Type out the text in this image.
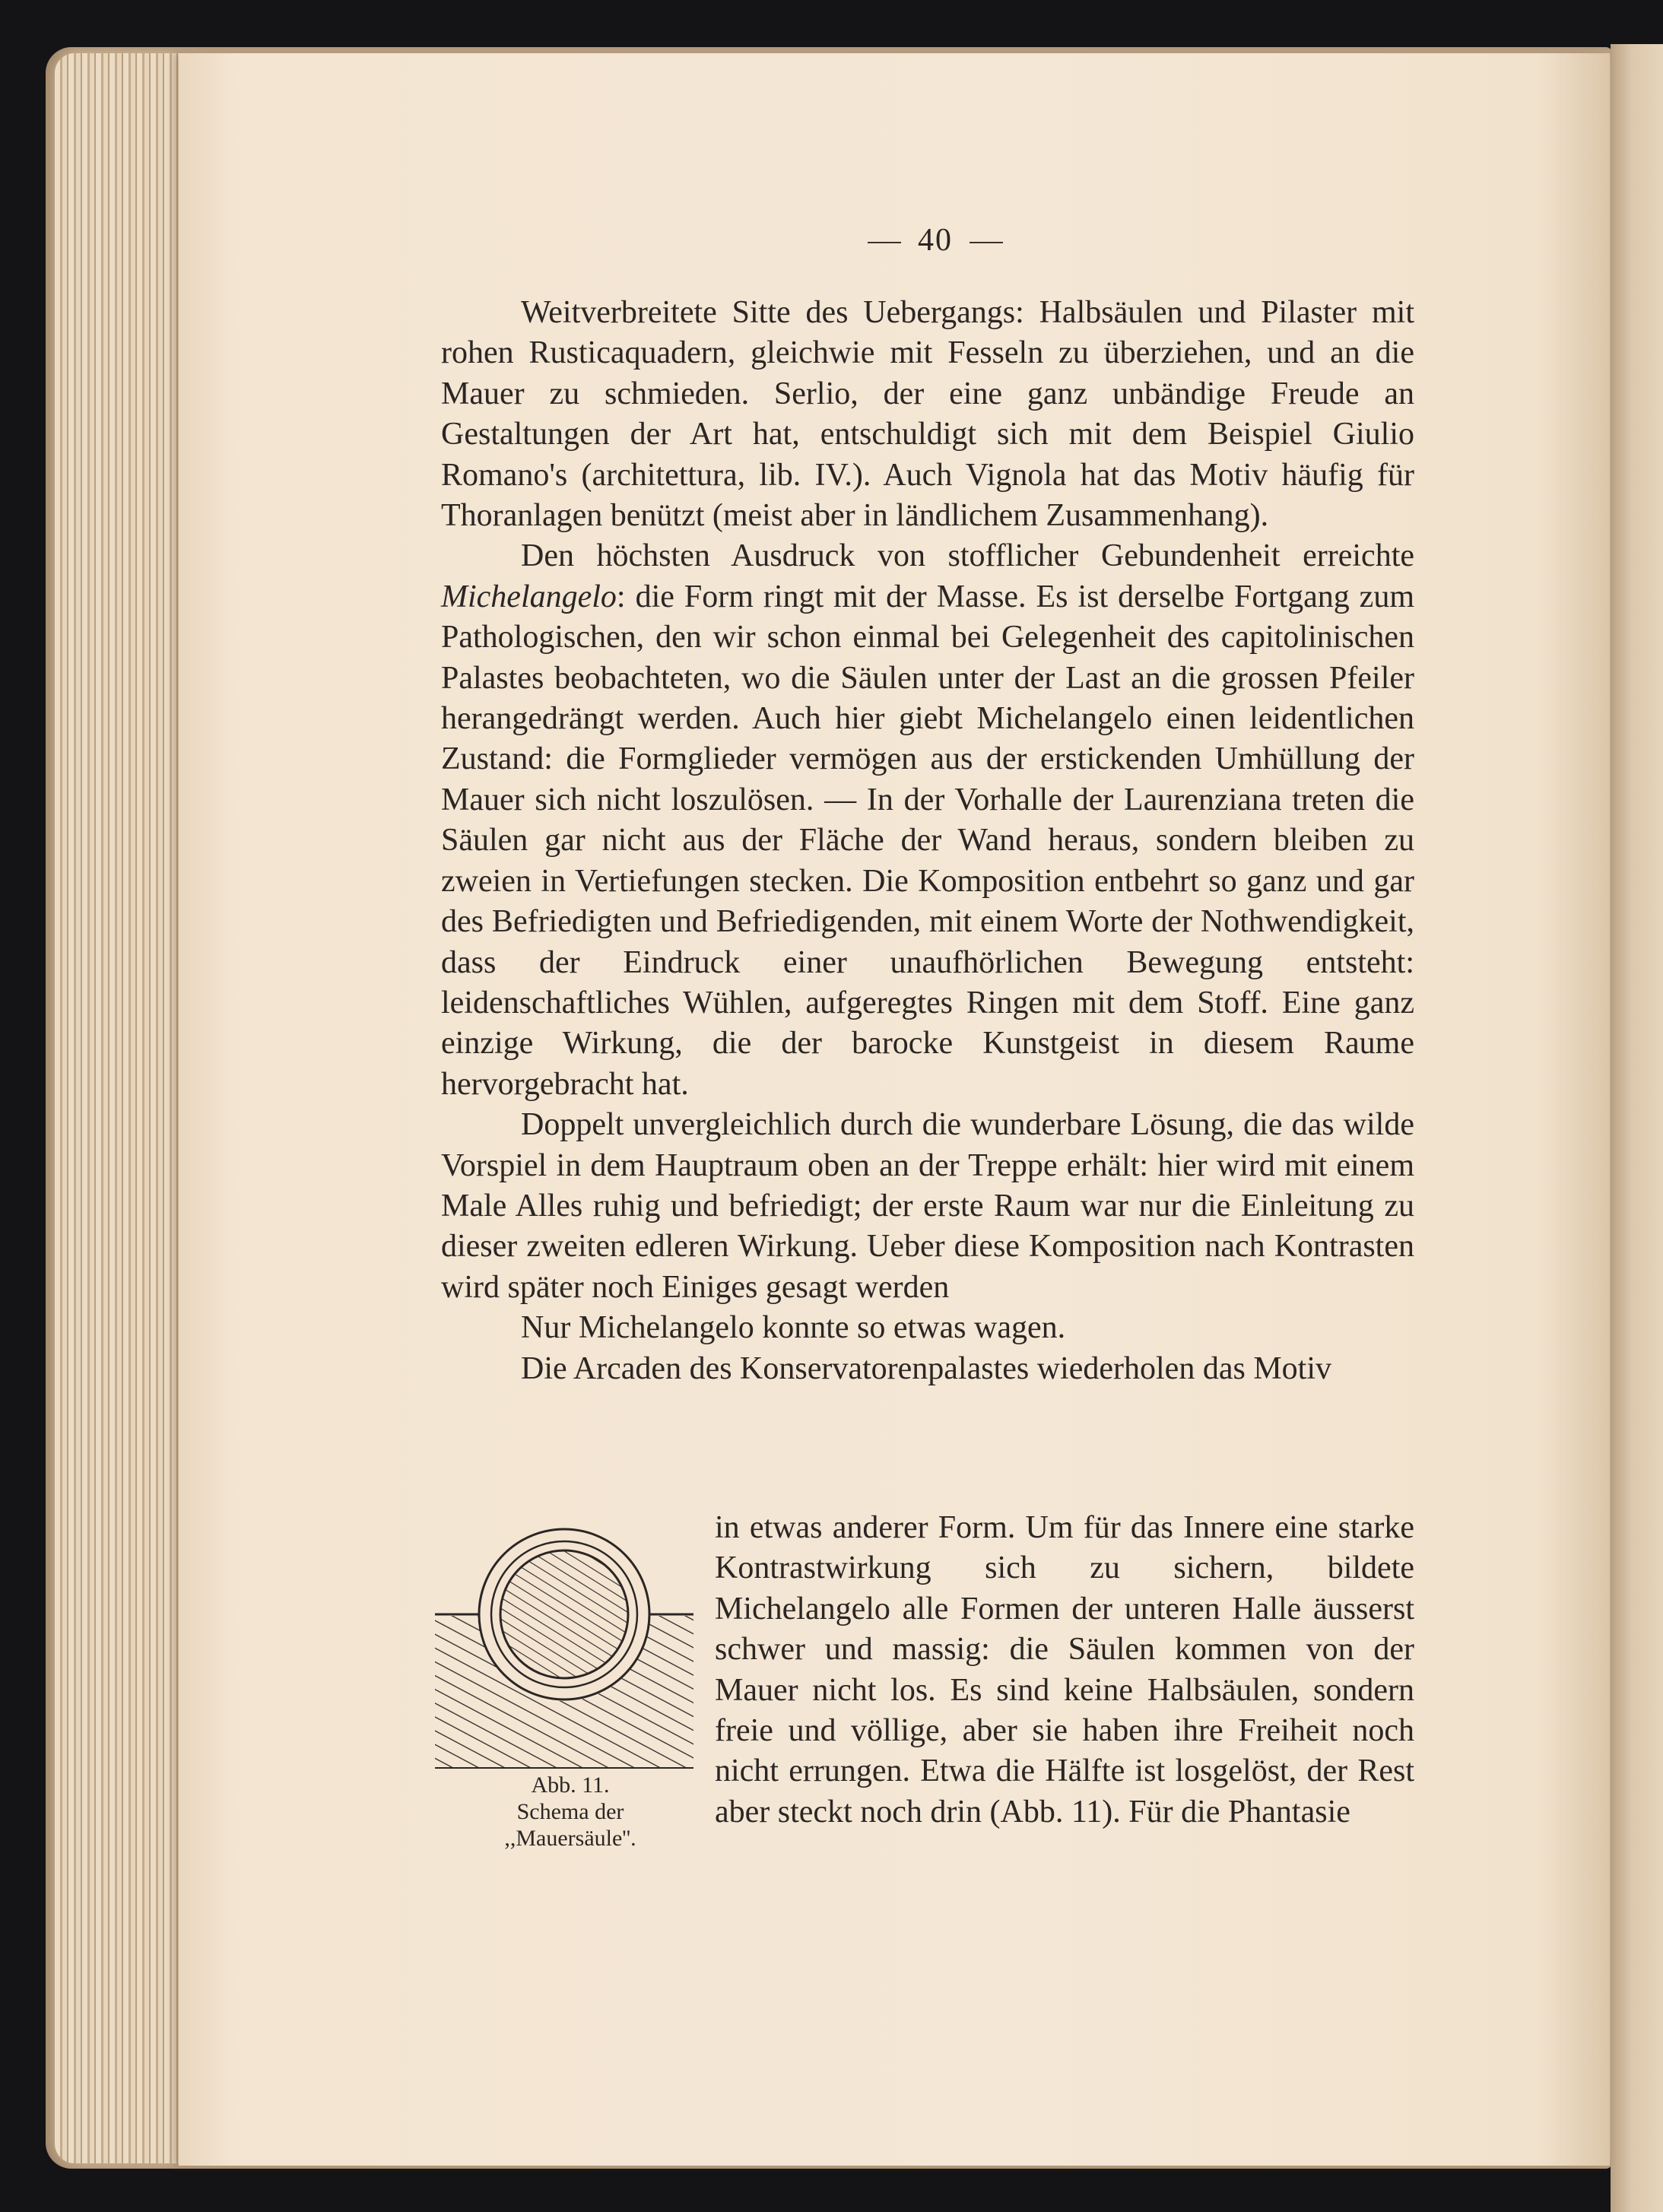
40

Weitverbreitete Sitte des Uebergangs: Halbsäulen und Pilaster mit rohen Rusticaquadern, gleichwie mit Fesseln zu überziehen, und an die Mauer zu schmieden. Serlio, der eine ganz unbändige Freude an Gestaltungen der Art hat, entschuldigt sich mit dem Beispiel Giulio Romano's (architettura, lib. IV.). Auch Vignola hat das Motiv häufig für Thoranlagen benützt (meist aber in ländlichem Zusammenhang).

Den höchsten Ausdruck von stofflicher Gebundenheit erreichte Michelangelo: die Form ringt mit der Masse. Es ist derselbe Fortgang zum Pathologischen, den wir schon einmal bei Gelegenheit des capitolinischen Palastes beobachteten, wo die Säulen unter der Last an die grossen Pfeiler herangedrängt werden. Auch hier giebt Michelangelo einen leidentlichen Zustand: die Formglieder vermögen aus der erstickenden Umhüllung der Mauer sich nicht loszulösen. — In der Vorhalle der Laurenziana treten die Säulen gar nicht aus der Fläche der Wand heraus, sondern bleiben zu zweien in Vertiefungen stecken. Die Komposition entbehrt so ganz und gar des Befriedigten und Befriedigenden, mit einem Worte der Nothwendigkeit, dass der Eindruck einer unaufhörlichen Bewegung entsteht: leidenschaftliches Wühlen, aufgeregtes Ringen mit dem Stoff. Eine ganz einzige Wirkung, die der barocke Kunstgeist in diesem Raume hervorgebracht hat.

Doppelt unvergleichlich durch die wunderbare Lösung, die das wilde Vorspiel in dem Hauptraum oben an der Treppe erhält: hier wird mit einem Male Alles ruhig und befriedigt; der erste Raum war nur die Einleitung zu dieser zweiten edleren Wirkung. Ueber diese Komposition nach Kontrasten wird später noch Einiges gesagt werden

Nur Michelangelo konnte so etwas wagen.

Die Arcaden des Konservatorenpalastes wiederholen das Motiv

Abb. 11.
Schema der
,,Mauersäule''.

in etwas anderer Form. Um für das Innere eine starke Kontrastwirkung sich zu sichern, bildete Michelangelo alle Formen der unteren Halle äusserst schwer und massig: die Säulen kommen von der Mauer nicht los. Es sind keine Halbsäulen, sondern freie und völlige, aber sie haben ihre Freiheit noch nicht errungen. Etwa die Hälfte ist losgelöst, der Rest aber steckt noch drin (Abb. 11). Für die Phantasie
